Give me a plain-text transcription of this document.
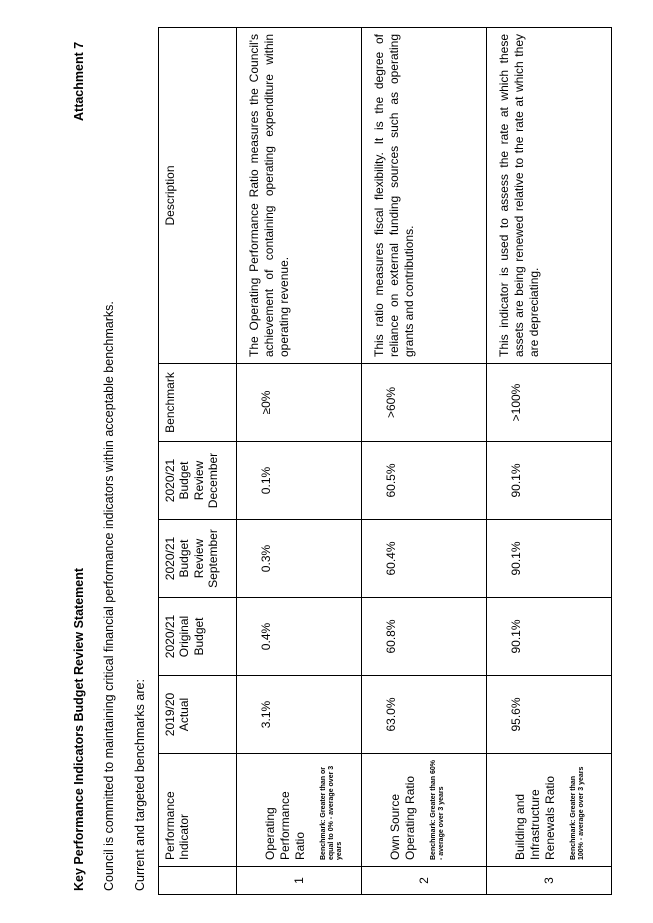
Key Performance Indicators Budget Review Statement
Attachment 7
Council is committed to maintaining critical financial performance indicators within acceptable benchmarks. Current and targeted benchmarks are:
	Performance Indicator	2019/20 Actual	2020/21 Original Budget	2020/21 Budget Review September	2020/21 Budget Review December	Benchmark	Description
1	Operating Performance Ratio Benchmark: Greater than or equal to 0% - average over 3 years	3.1%	0.4%	0.3%	0.1%	≥0%	The Operating Performance Ratio measures the Council's achievement of containing operating expenditure within operating revenue.
2	Own Source Operating Ratio Benchmark: Greater than 60% - average over 3 years	63.0%	60.8%	60.4%	60.5%	>60%	This ratio measures fiscal flexibility. It is the degree of reliance on external funding sources such as operating grants and contributions.
3	Building and Infrastructure Renewals Ratio Benchmark: Greater than 100% - average over 3 years	95.6%	90.1%	90.1%	90.1%	>100%	This indicator is used to assess the rate at which these assets are being renewed relative to the rate at which they are depreciating.
